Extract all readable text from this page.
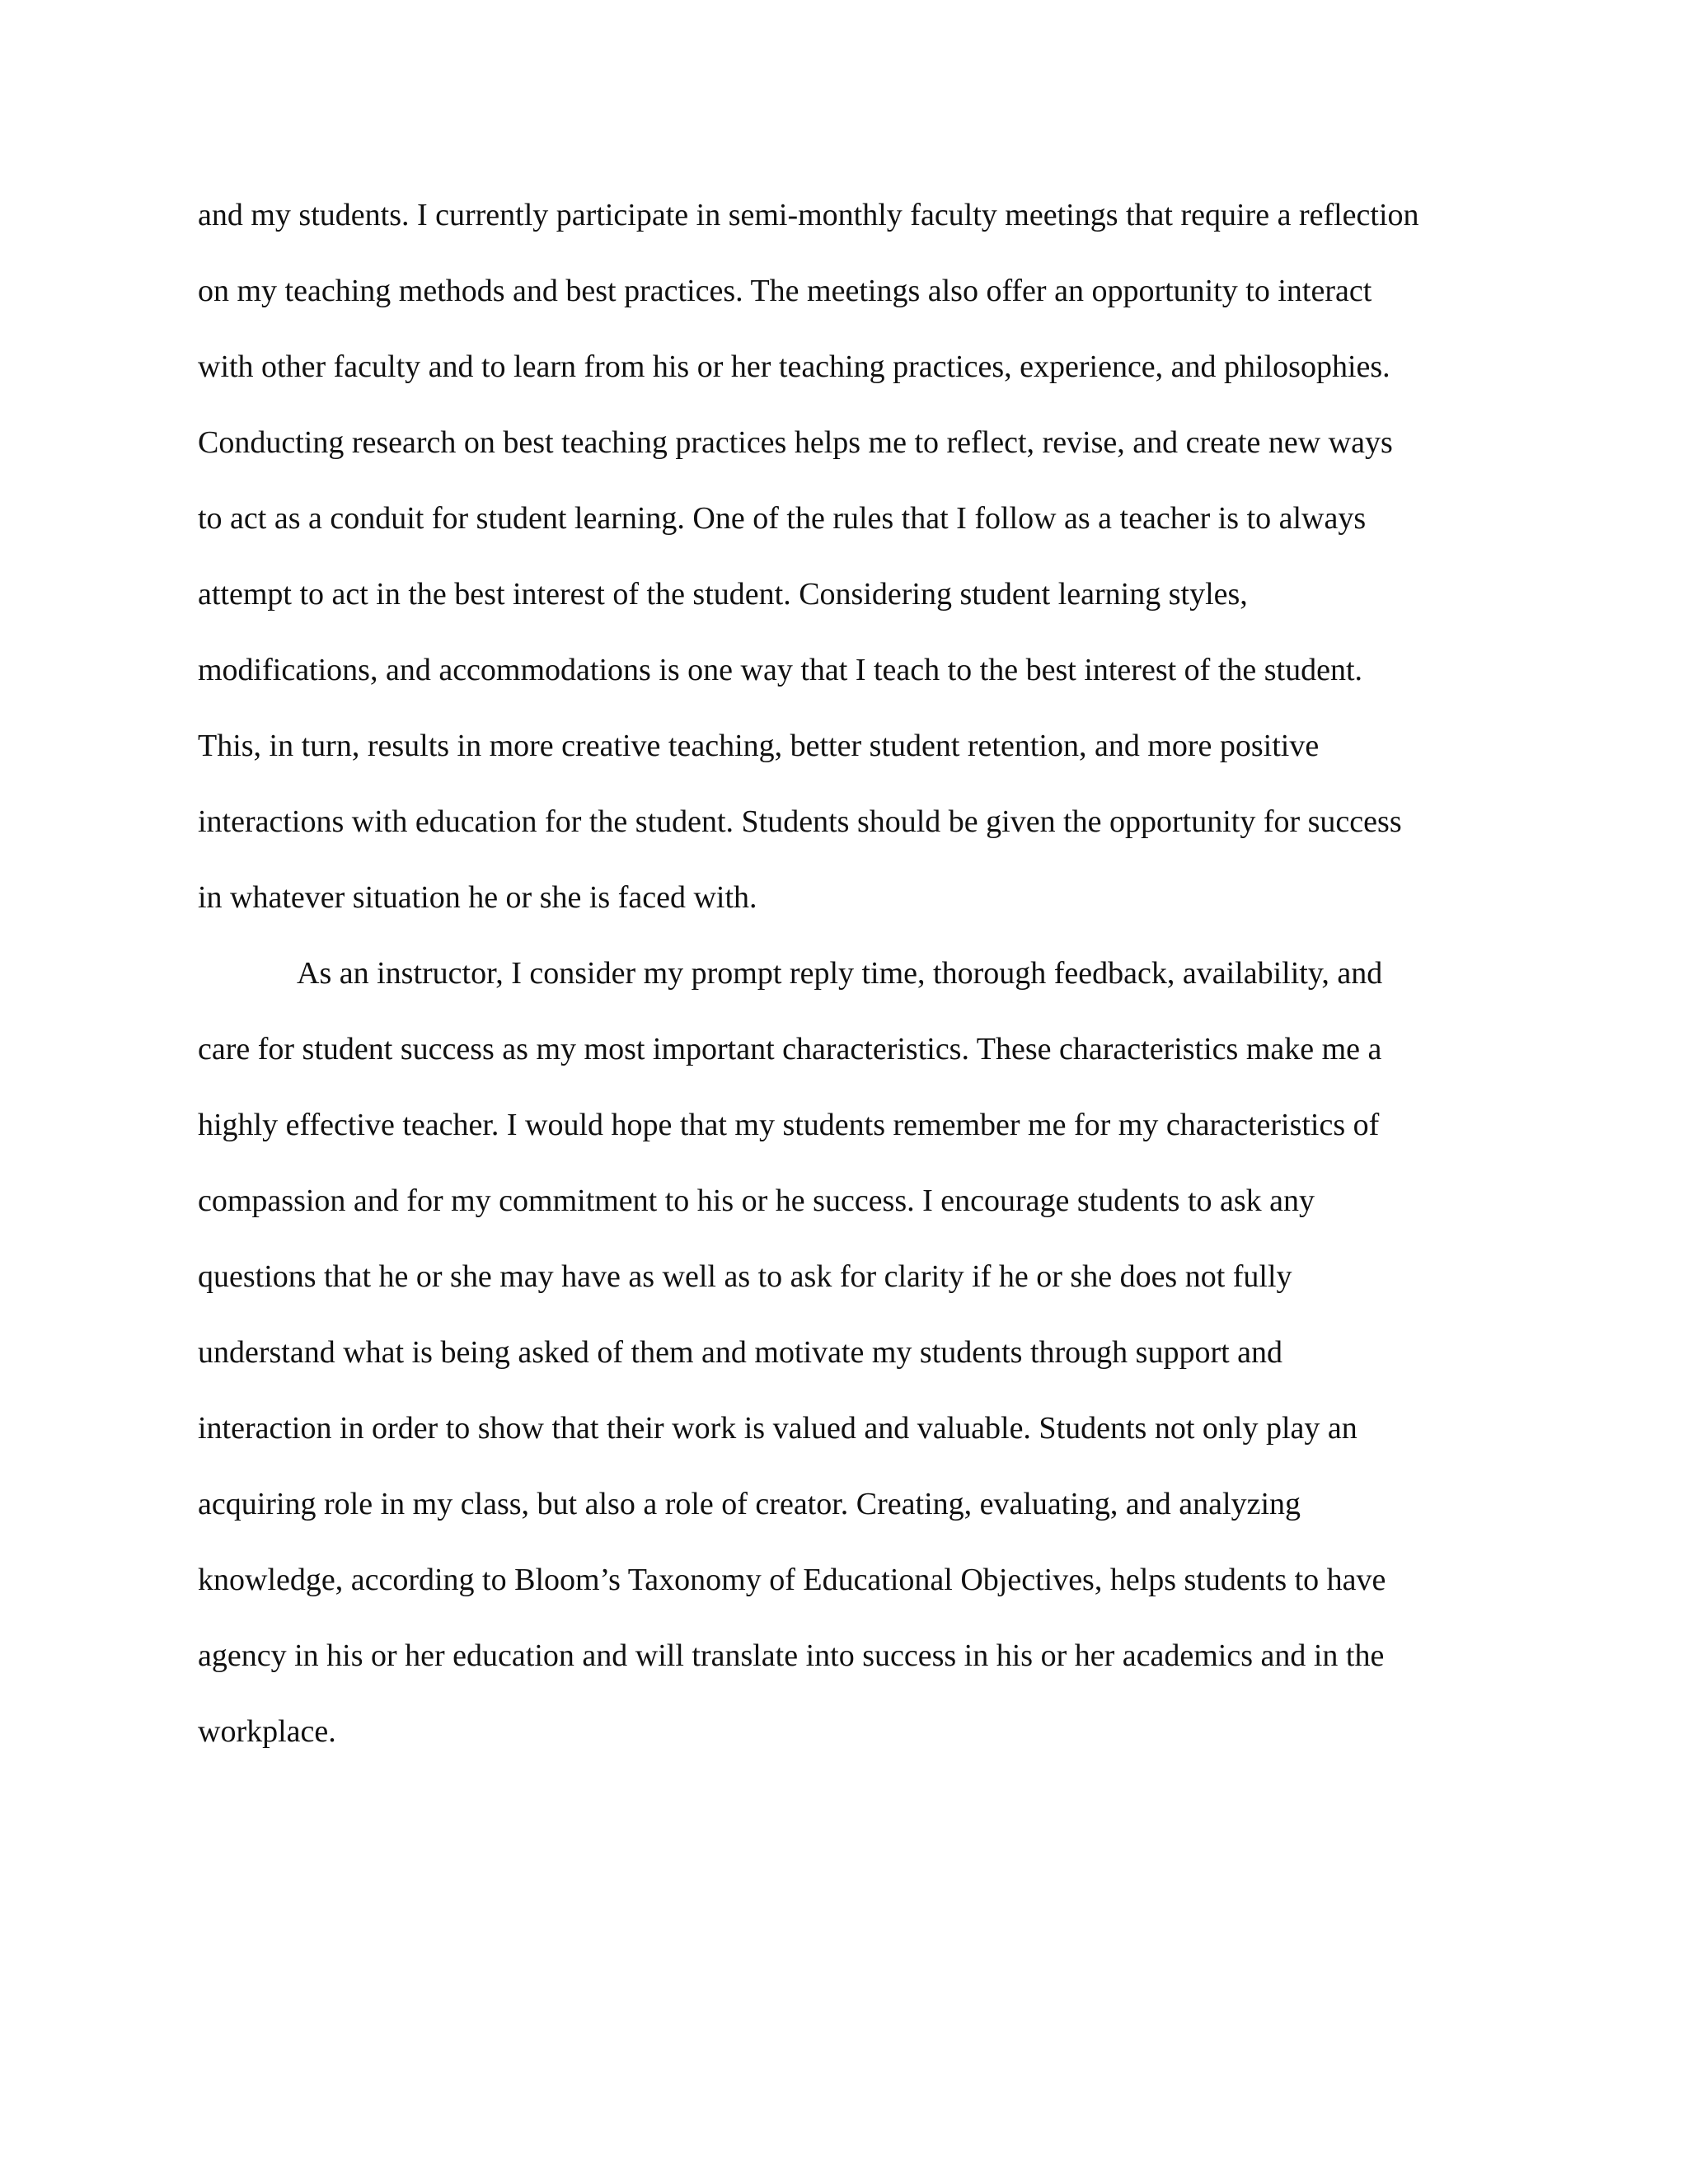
and my students. I currently participate in semi-monthly faculty meetings that require a reflection
on my teaching methods and best practices. The meetings also offer an opportunity to interact
with other faculty and to learn from his or her teaching practices, experience, and philosophies.
Conducting research on best teaching practices helps me to reflect, revise, and create new ways
to act as a conduit for student learning. One of the rules that I follow as a teacher is to always
attempt to act in the best interest of the student. Considering student learning styles,
modifications, and accommodations is one way that I teach to the best interest of the student.
This, in turn, results in more creative teaching, better student retention, and more positive
interactions with education for the student. Students should be given the opportunity for success
in whatever situation he or she is faced with.
As an instructor, I consider my prompt reply time, thorough feedback, availability, and
care for student success as my most important characteristics. These characteristics make me a
highly effective teacher. I would hope that my students remember me for my characteristics of
compassion and for my commitment to his or he success. I encourage students to ask any
questions that he or she may have as well as to ask for clarity if he or she does not fully
understand what is being asked of them and motivate my students through support and
interaction in order to show that their work is valued and valuable. Students not only play an
acquiring role in my class, but also a role of creator. Creating, evaluating, and analyzing
knowledge, according to Bloom’s Taxonomy of Educational Objectives, helps students to have
agency in his or her education and will translate into success in his or her academics and in the
workplace.
